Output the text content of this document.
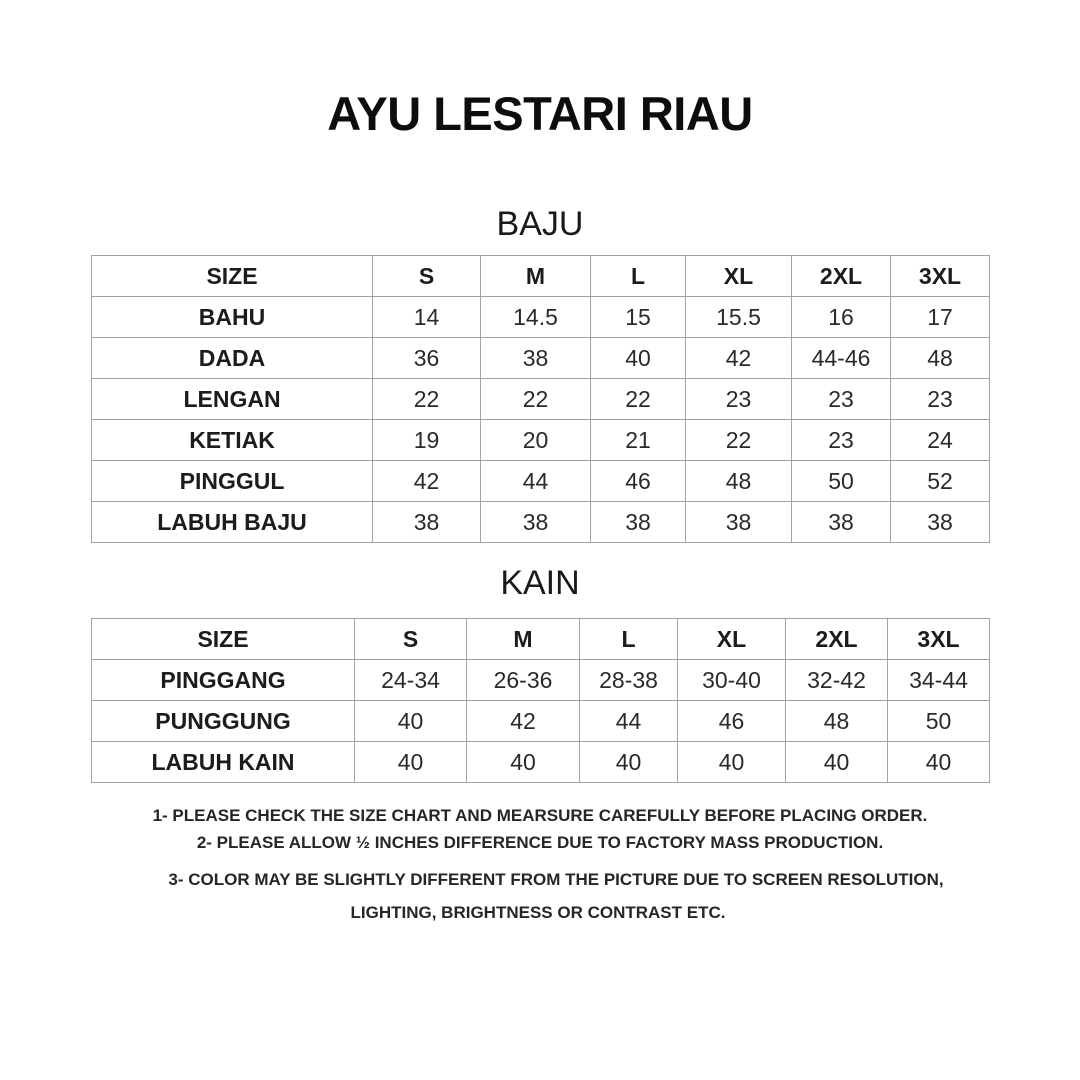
AYU LESTARI RIAU
BAJU
SIZE	S	M	L	XL	2XL	3XL
BAHU	14	14.5	15	15.5	16	17
DADA	36	38	40	42	44-46	48
LENGAN	22	22	22	23	23	23
KETIAK	19	20	21	22	23	24
PINGGUL	42	44	46	48	50	52
LABUH BAJU	38	38	38	38	38	38
KAIN
SIZE	S	M	L	XL	2XL	3XL
PINGGANG	24-34	26-36	28-38	30-40	32-42	34-44
PUNGGUNG	40	42	44	46	48	50
LABUH KAIN	40	40	40	40	40	40
1- PLEASE CHECK THE SIZE CHART AND MEARSURE CAREFULLY BEFORE PLACING ORDER.
2- PLEASE ALLOW ½ INCHES DIFFERENCE DUE TO FACTORY MASS PRODUCTION.
3- COLOR MAY BE SLIGHTLY DIFFERENT FROM THE PICTURE DUE TO SCREEN RESOLUTION,
LIGHTING, BRIGHTNESS OR CONTRAST ETC.
